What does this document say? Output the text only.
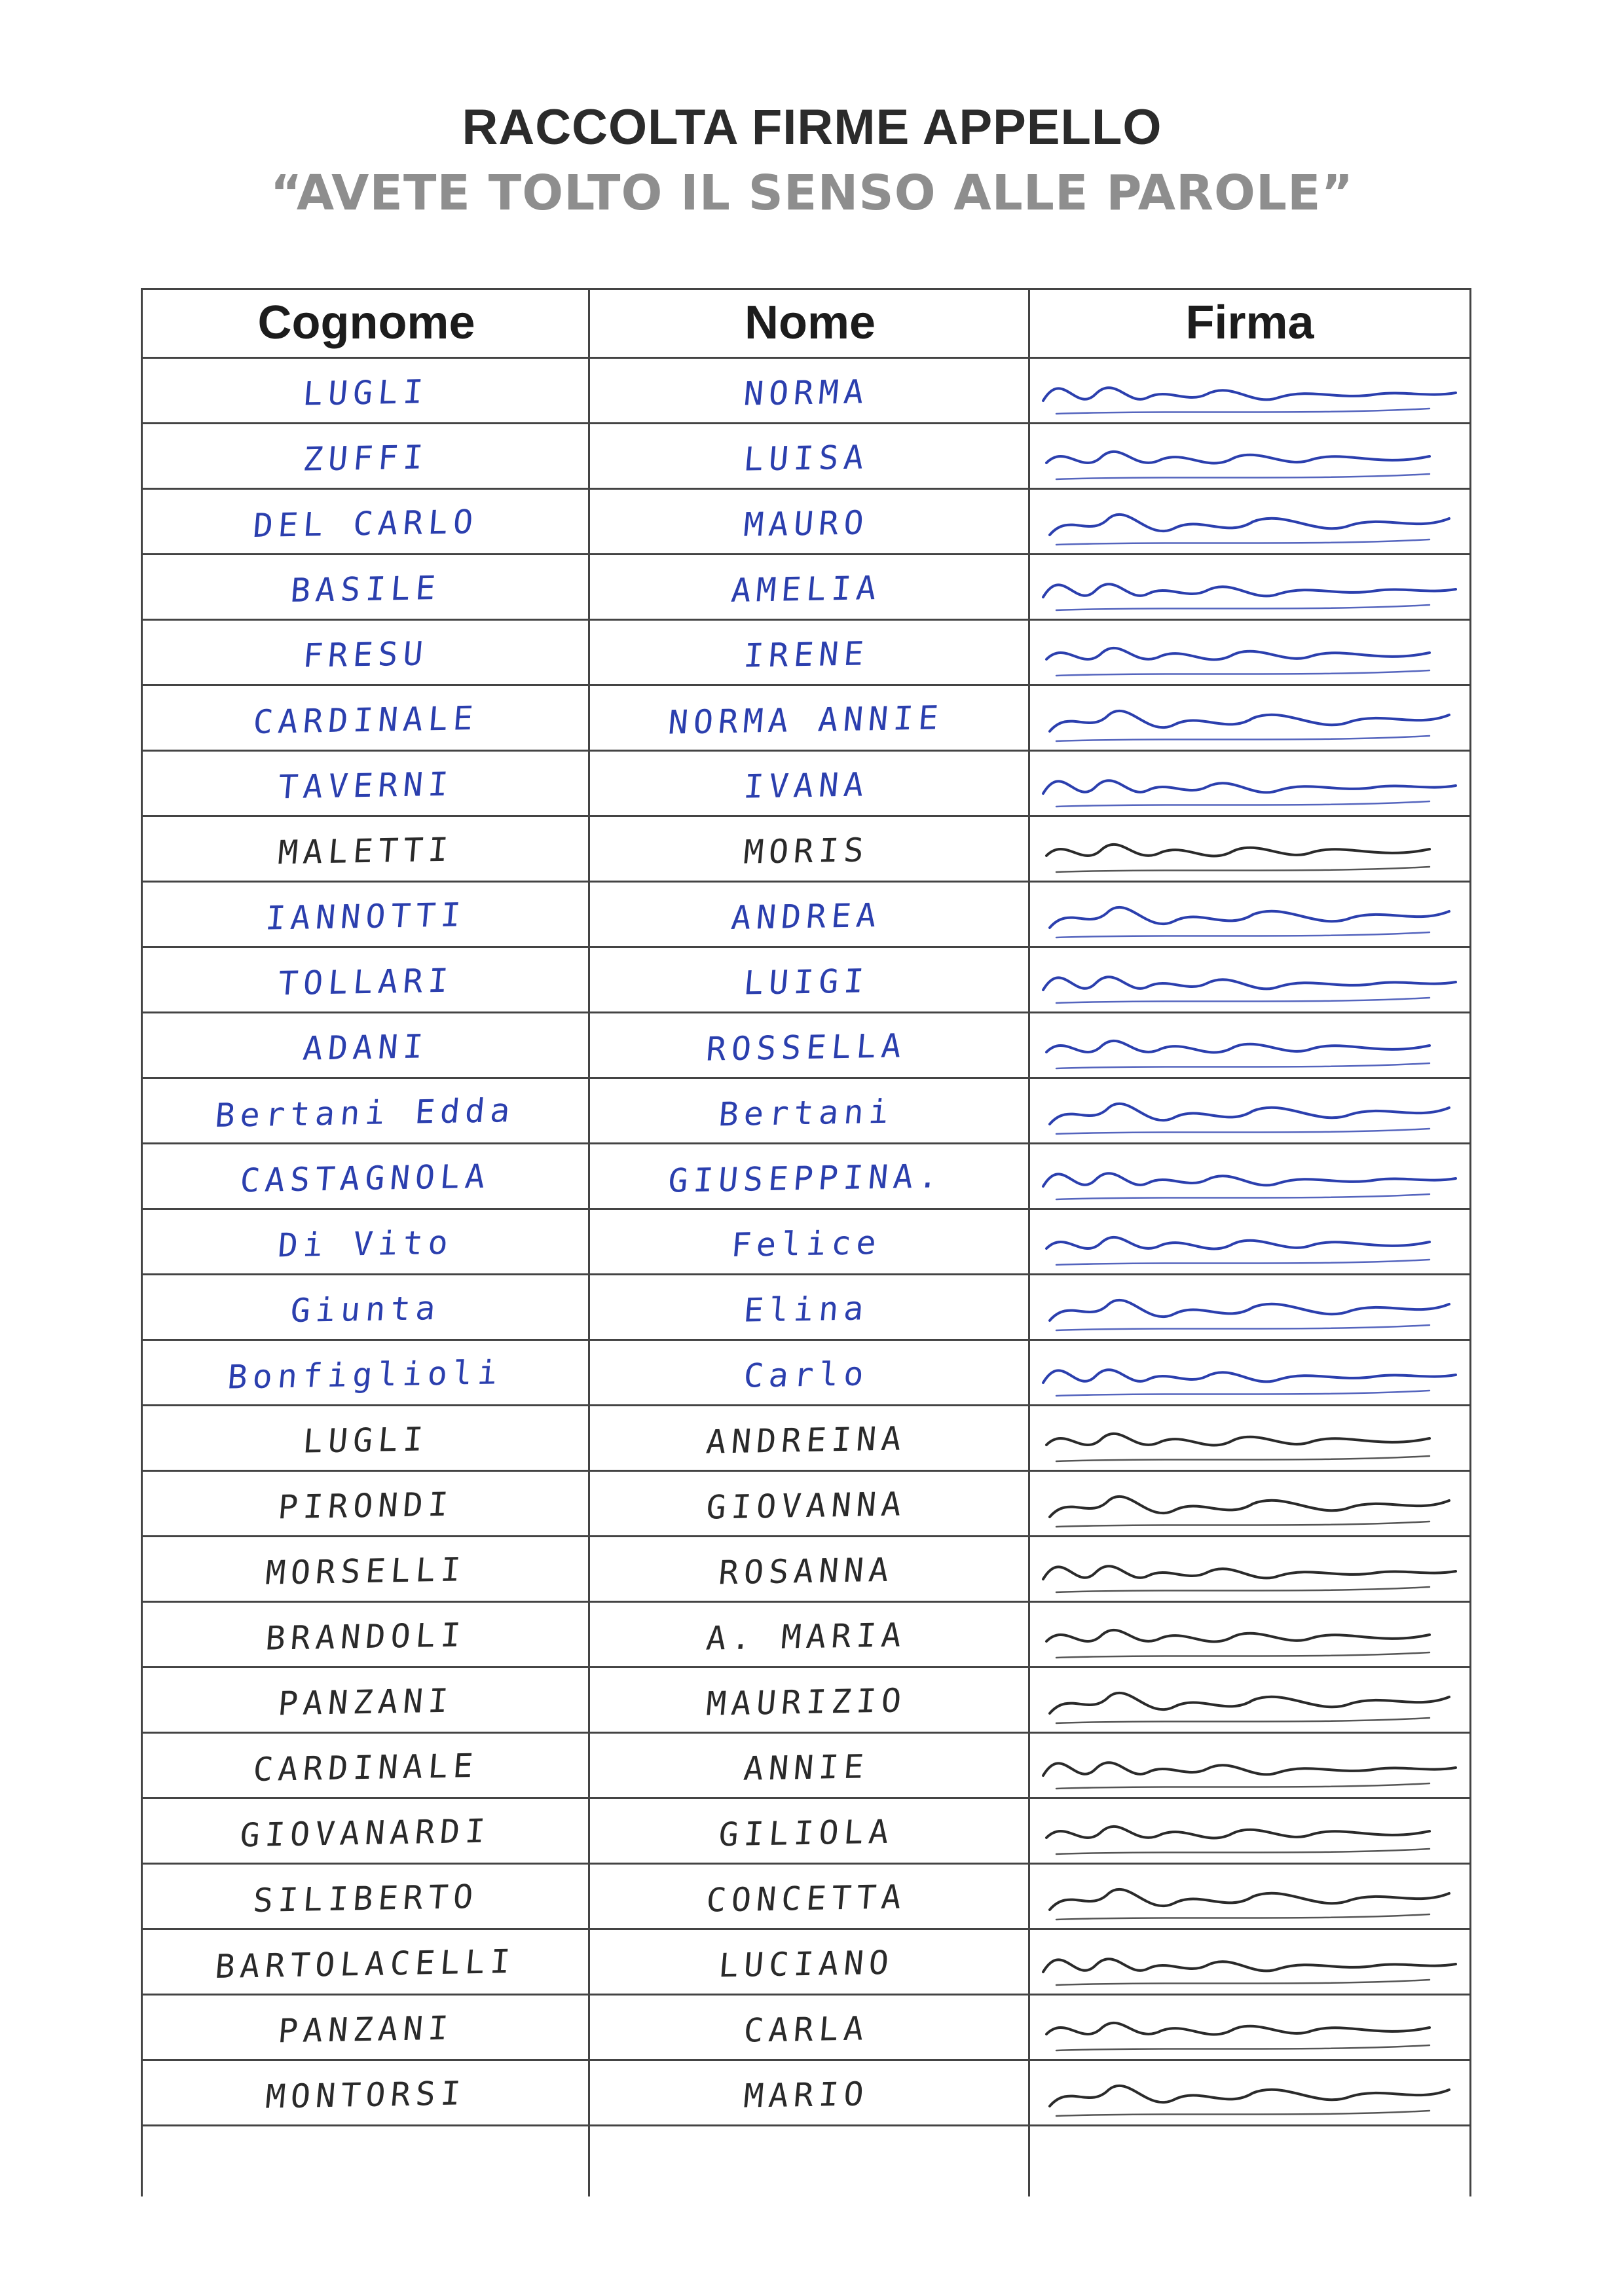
RACCOLTA FIRME APPELLO
“AVETE TOLTO IL SENSO ALLE PAROLE”
Cognome	Nome	Firma
LUGLI	NORMA
ZUFFI	LUISA
DEL CARLO	MAURO
BASILE	AMELIA
FRESU	IRENE
CARDINALE	NORMA ANNIE
TAVERNI	IVANA
MALETTI	MORIS
IANNOTTI	ANDREA
TOLLARI	LUIGI
ADANI	ROSSELLA
Bertani Edda	Bertani
CASTAGNOLA	GIUSEPPINA.
Di Vito	Felice
Giunta	Elina
Bonfiglioli	Carlo
LUGLI	ANDREINA
PIRONDI	GIOVANNA
MORSELLI	ROSANNA
BRANDOLI	A. MARIA
PANZANI	MAURIZIO
CARDINALE	ANNIE
GIOVANARDI	GILIOLA
SILIBERTO	CONCETTA
BARTOLACELLI	LUCIANO
PANZANI	CARLA
MONTORSI	MARIO
